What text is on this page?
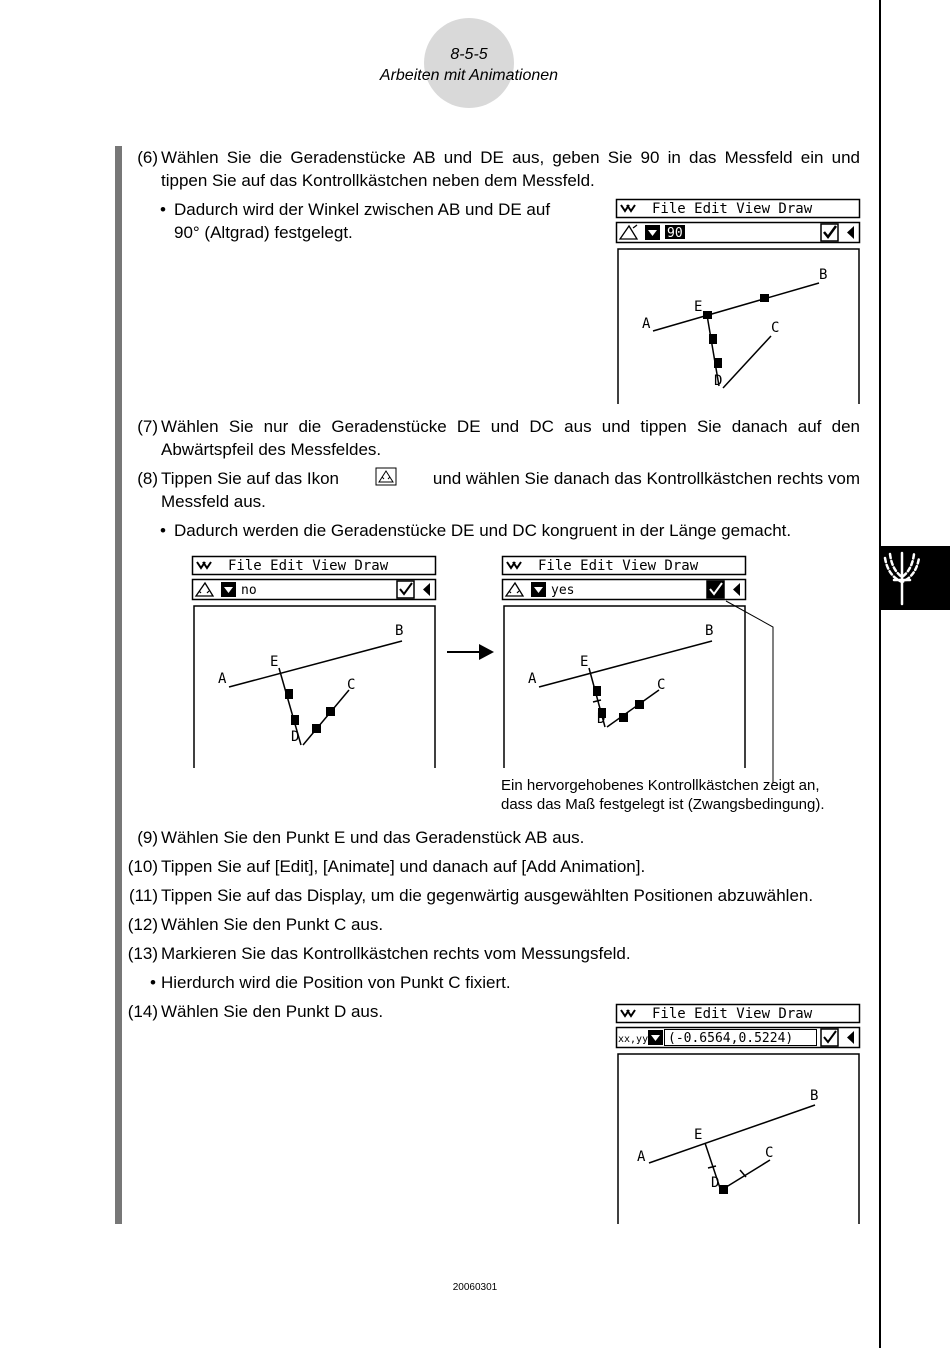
8-5-5
Arbeiten mit Animationen
(6) Wählen Sie die Geradenstücke AB und DE aus, geben Sie 90 in das Messfeld ein und
tippen Sie auf das Kontrollkästchen neben dem Messfeld.
• Dadurch wird der Winkel zwischen AB und DE auf
90° (Altgrad) festgelegt.
File Edit View Draw
90
A
B
C
D
E
(7) Wählen Sie nur die Geradenstücke DE und DC aus und tippen Sie danach auf den
Abwärtspfeil des Messfeldes.
(8) Tippen Sie auf das Ikon	und wählen Sie danach das Kontrollkästchen rechts vom
Messfeld aus.
• Dadurch werden die Geradenstücke DE und DC kongruent in der Länge gemacht.
File Edit View Draw
no
A
B
C
D
E
File Edit View Draw
yes
A
B
C
D
E
Ein hervorgehobenes Kontrollkästchen zeigt an,
dass das Maß festgelegt ist (Zwangsbedingung).
(9) Wählen Sie den Punkt E und das Geradenstück AB aus.
(10) Tippen Sie auf [Edit], [Animate] und danach auf [Add Animation].
(11) Tippen Sie auf das Display, um die gegenwärtig ausgewählten Positionen abzuwählen.
(12) Wählen Sie den Punkt C aus.
(13) Markieren Sie das Kontrollkästchen rechts vom Messungsfeld.
• Hierdurch wird die Position von Punkt C fixiert.
(14) Wählen Sie den Punkt D aus.	File Edit View Draw
xx,yy (-0.6564,0.5224)
A
B
C
D
E
20060301
